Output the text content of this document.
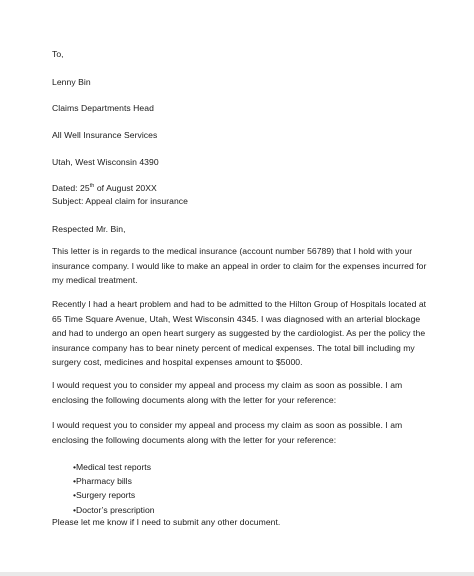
To,
Lenny Bin
Claims Departments Head
All Well Insurance Services
Utah, West Wisconsin 4390
Dated: 25th of August 20XX
Subject: Appeal claim for insurance
Respected Mr. Bin,
This letter is in regards to the medical insurance (account number 56789) that I hold with your insurance company. I would like to make an appeal in order to claim for the expenses incurred for my medical treatment.
Recently I had a heart problem and had to be admitted to the Hilton Group of Hospitals located at 65 Time Square Avenue, Utah, West Wisconsin 4345. I was diagnosed with an arterial blockage and had to undergo an open heart surgery as suggested by the cardiologist. As per the policy the insurance company has to bear ninety percent of medical expenses. The total bill including my surgery cost, medicines and hospital expenses amount to $5000.
I would request you to consider my appeal and process my claim as soon as possible. I am enclosing the following documents along with the letter for your reference:
I would request you to consider my appeal and process my claim as soon as possible. I am enclosing the following documents along with the letter for your reference:
•Medical test reports
•Pharmacy bills
•Surgery reports
•Doctor’s prescription
Please let me know if I need to submit any other document.
